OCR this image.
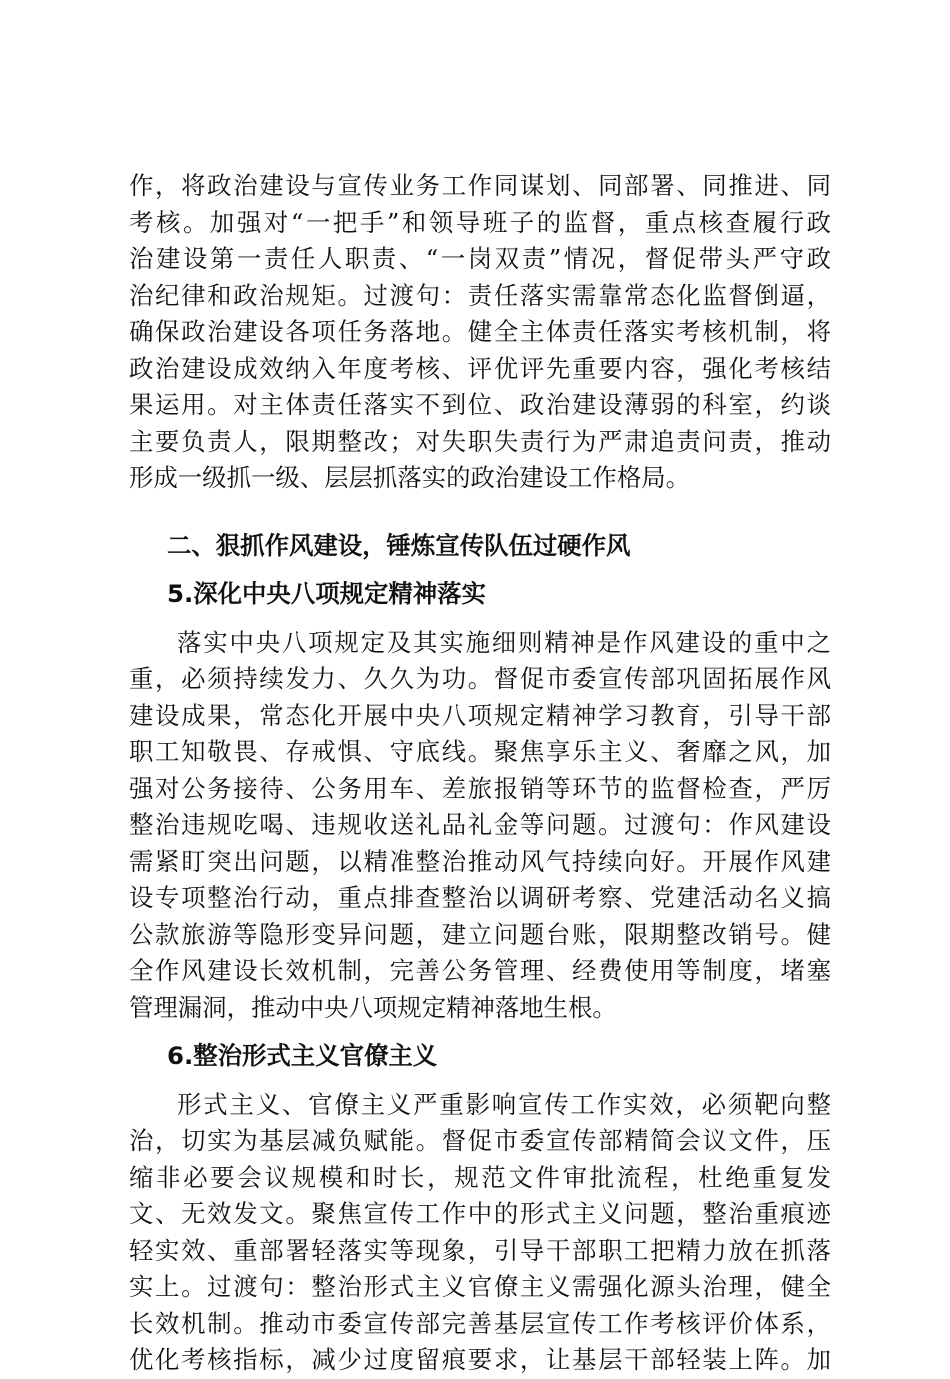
作，将政治建设与宣传业务工作同谋划、同部署、同推进、同
考核。加强对“一把手”和领导班子的监督，重点核查履行政
治建设第一责任人职责、“一岗双责”情况，督促带头严守政
治纪律和政治规矩。过渡句：责任落实需靠常态化监督倒逼，
确保政治建设各项任务落地。健全主体责任落实考核机制，将
政治建设成效纳入年度考核、评优评先重要内容，强化考核结
果运用。对主体责任落实不到位、政治建设薄弱的科室，约谈
主要负责人，限期整改；对失职失责行为严肃追责问责，推动
形成一级抓一级、层层抓落实的政治建设工作格局。
二、狠抓作风建设，锤炼宣传队伍过硬作风
5.深化中央八项规定精神落实
落实中央八项规定及其实施细则精神是作风建设的重中之
重，必须持续发力、久久为功。督促市委宣传部巩固拓展作风
建设成果，常态化开展中央八项规定精神学习教育，引导干部
职工知敬畏、存戒惧、守底线。聚焦享乐主义、奢靡之风，加
强对公务接待、公务用车、差旅报销等环节的监督检查，严厉
整治违规吃喝、违规收送礼品礼金等问题。过渡句：作风建设
需紧盯突出问题，以精准整治推动风气持续向好。开展作风建
设专项整治行动，重点排查整治以调研考察、党建活动名义搞
公款旅游等隐形变异问题，建立问题台账，限期整改销号。健
全作风建设长效机制，完善公务管理、经费使用等制度，堵塞
管理漏洞，推动中央八项规定精神落地生根。
6.整治形式主义官僚主义
形式主义、官僚主义严重影响宣传工作实效，必须靶向整
治，切实为基层减负赋能。督促市委宣传部精简会议文件，压
缩非必要会议规模和时长，规范文件审批流程，杜绝重复发
文、无效发文。聚焦宣传工作中的形式主义问题，整治重痕迹
轻实效、重部署轻落实等现象，引导干部职工把精力放在抓落
实上。过渡句：整治形式主义官僚主义需强化源头治理，健全
长效机制。推动市委宣传部完善基层宣传工作考核评价体系，
优化考核指标，减少过度留痕要求，让基层干部轻装上阵。加
